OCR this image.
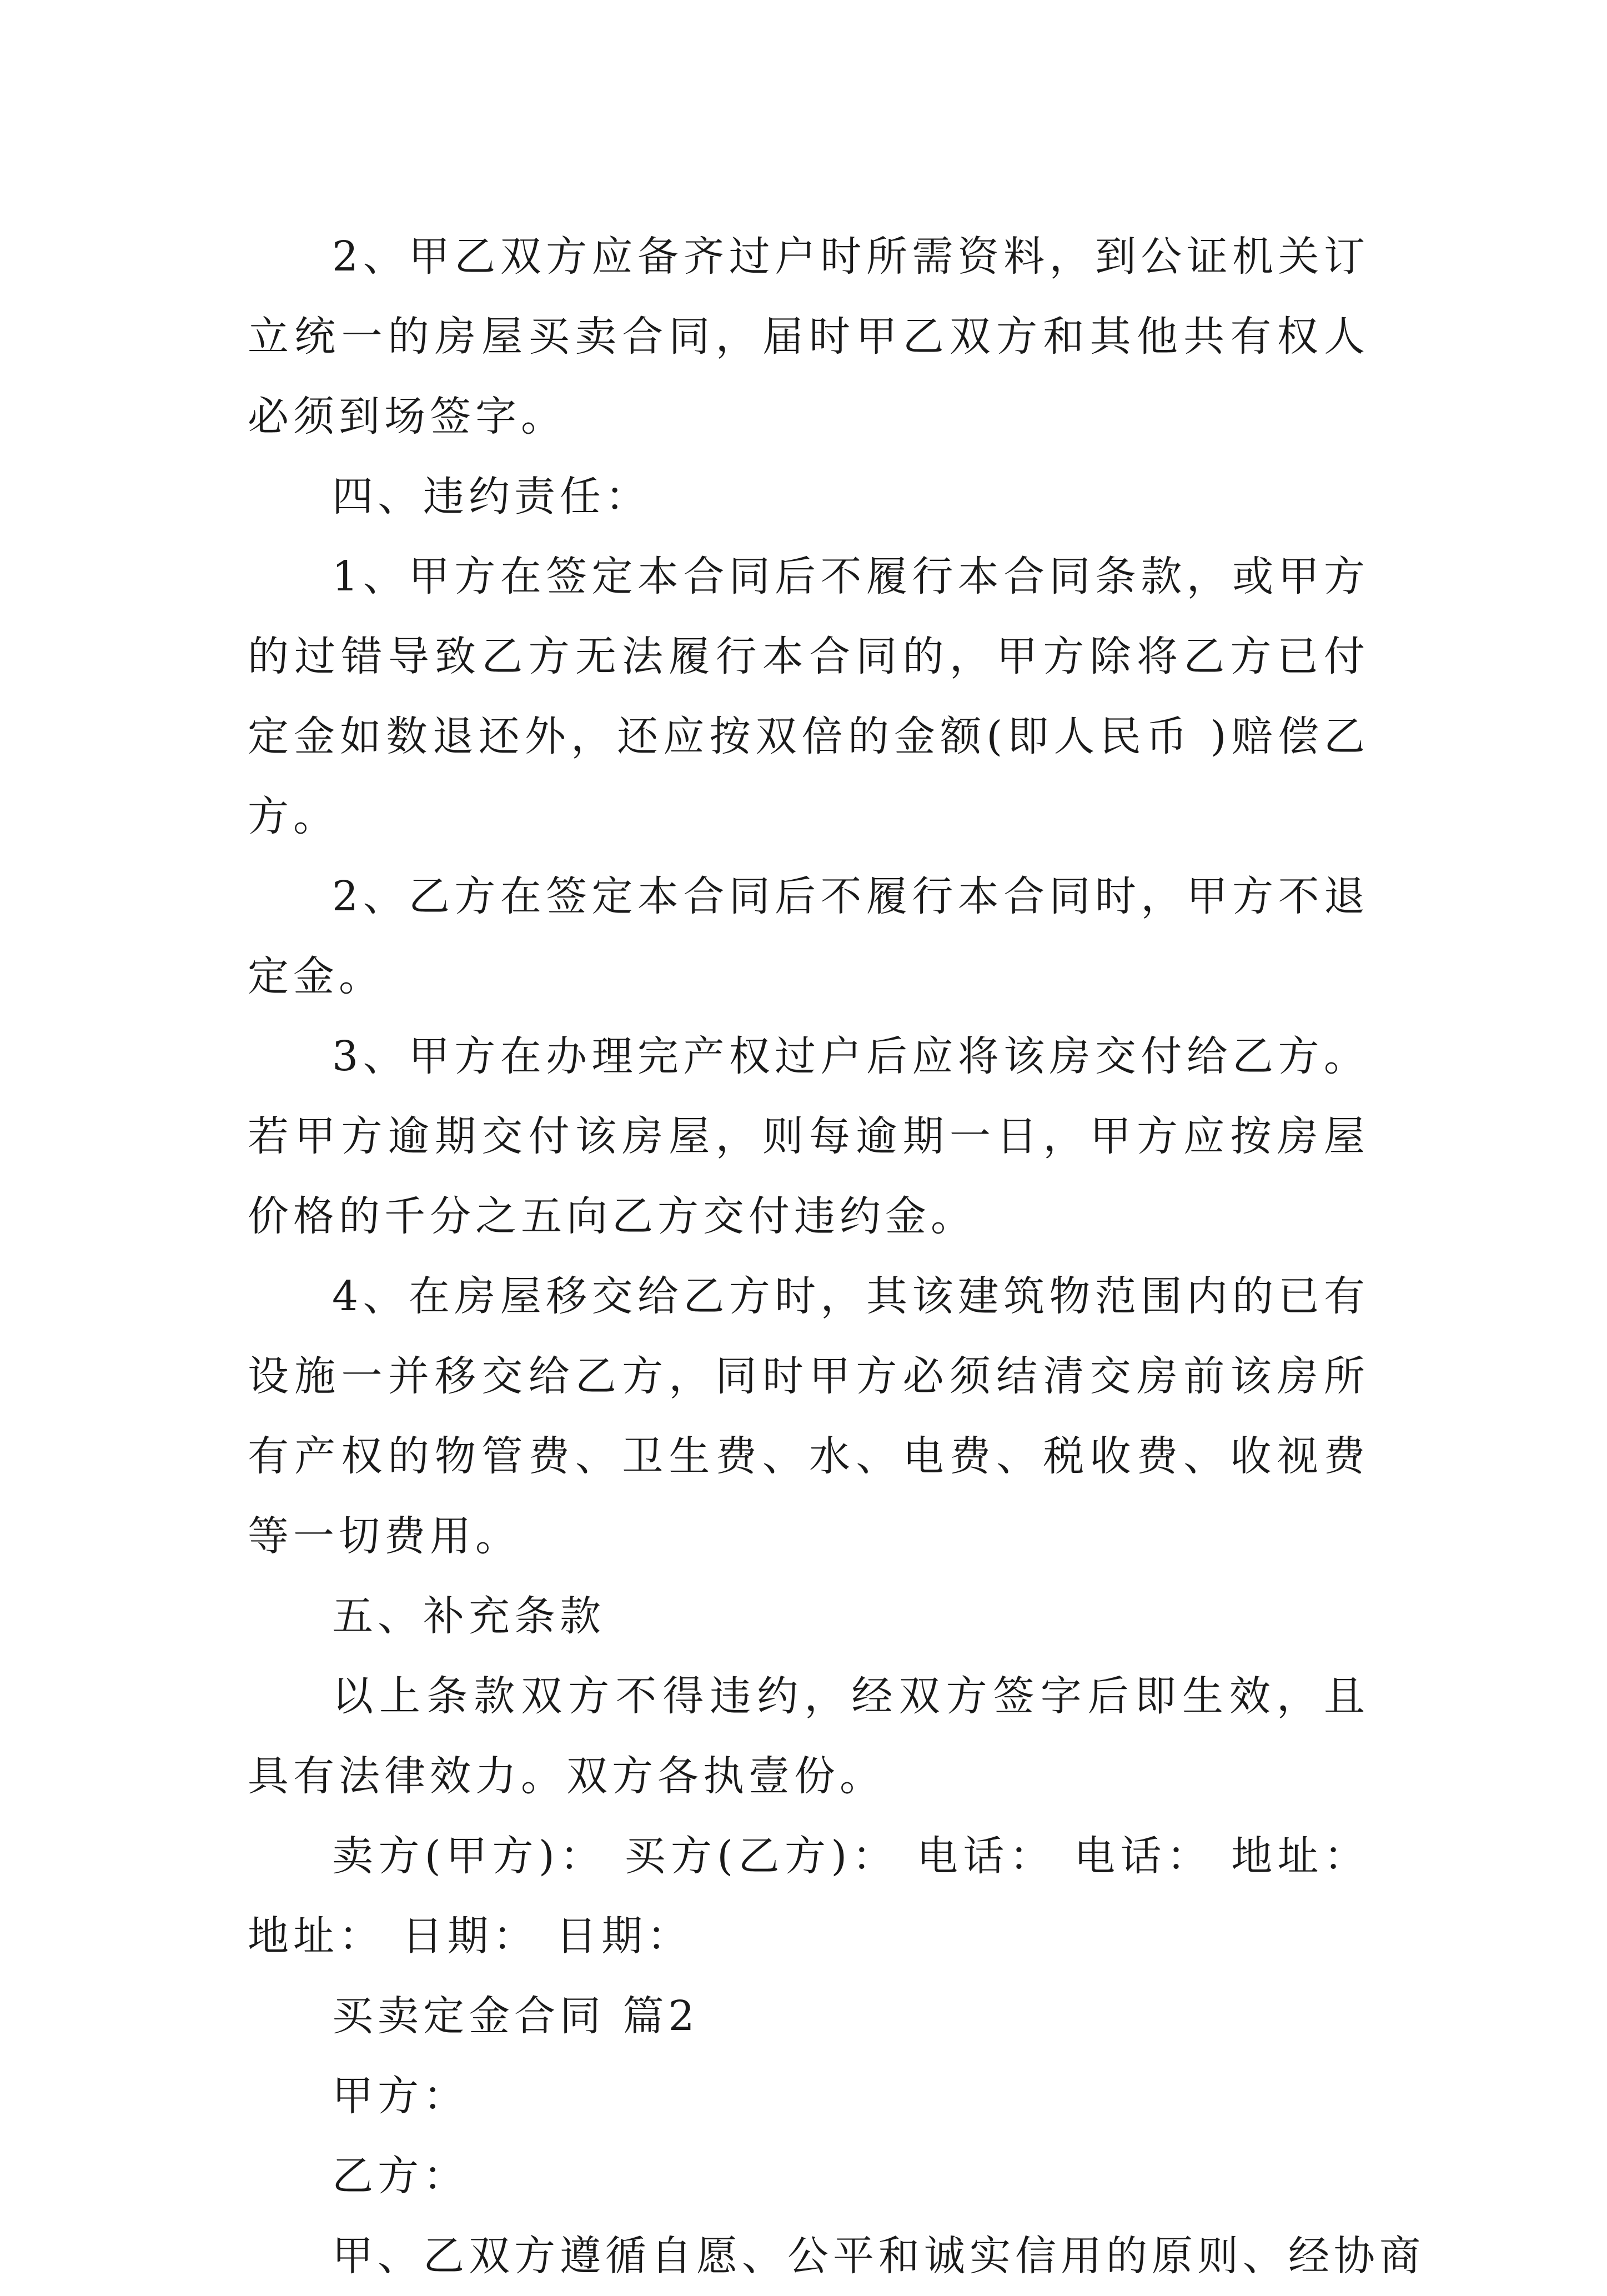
2、甲乙双方应备齐过户时所需资料，到公证机关订立统一的房屋买卖合同，届时甲乙双方和其他共有权人必须到场签字。

四、违约责任：

1、甲方在签定本合同后不履行本合同条款，或甲方的过错导致乙方无法履行本合同的，甲方除将乙方已付定金如数退还外，还应按双倍的金额(即人民币 )赔偿乙方。

2、乙方在签定本合同后不履行本合同时，甲方不退定金。

3、甲方在办理完产权过户后应将该房交付给乙方。若甲方逾期交付该房屋，则每逾期一日，甲方应按房屋价格的千分之五向乙方交付违约金。

4、在房屋移交给乙方时，其该建筑物范围内的已有设施一并移交给乙方，同时甲方必须结清交房前该房所有产权的物管费、卫生费、水、电费、税收费、收视费等一切费用。

五、补充条款

以上条款双方不得违约，经双方签字后即生效，且具有法律效力。双方各执壹份。

卖方(甲方)： 买方(乙方)： 电话： 电话： 地址： 地址： 日期： 日期：

买卖定金合同 篇2

甲方：

乙方：

甲、乙双方遵循自愿、公平和诚实信用的原则、经协商
